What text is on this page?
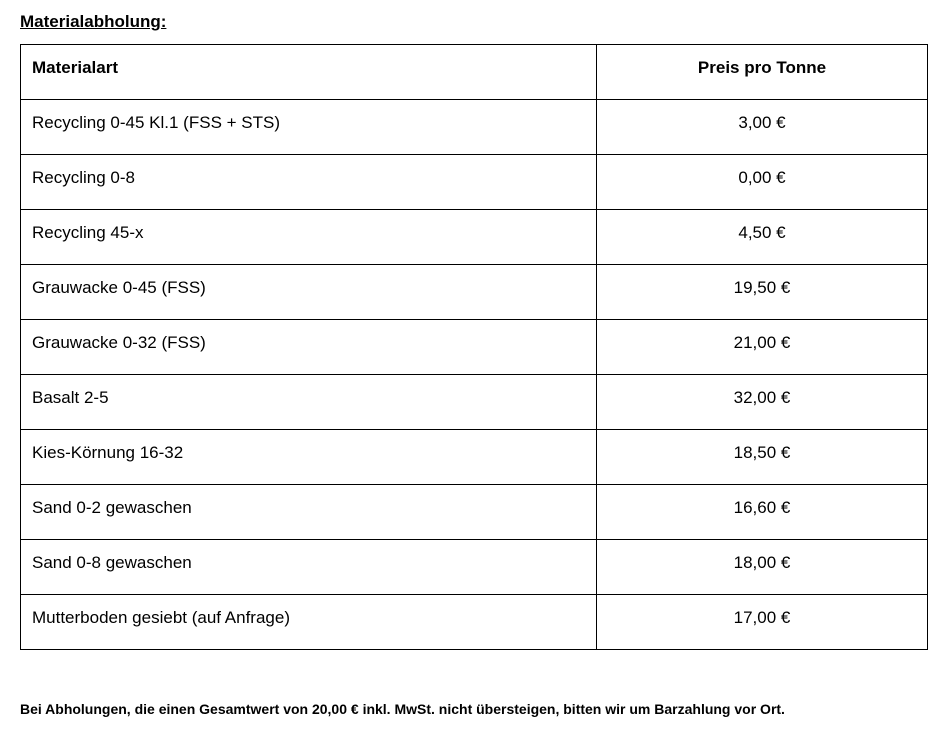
Materialabholung:
Materialart	Preis pro Tonne
Recycling 0-45 Kl.1 (FSS + STS)	3,00 €
Recycling 0-8	0,00 €
Recycling 45-x	4,50 €
Grauwacke 0-45 (FSS)	19,50 €
Grauwacke 0-32 (FSS)	21,00 €
Basalt 2-5	32,00 €
Kies-Körnung 16-32	18,50 €
Sand 0-2 gewaschen	16,60 €
Sand 0-8 gewaschen	18,00 €
Mutterboden gesiebt (auf Anfrage)	17,00 €
Bei Abholungen, die einen Gesamtwert von 20,00 € inkl. MwSt. nicht übersteigen, bitten wir um Barzahlung vor Ort.
